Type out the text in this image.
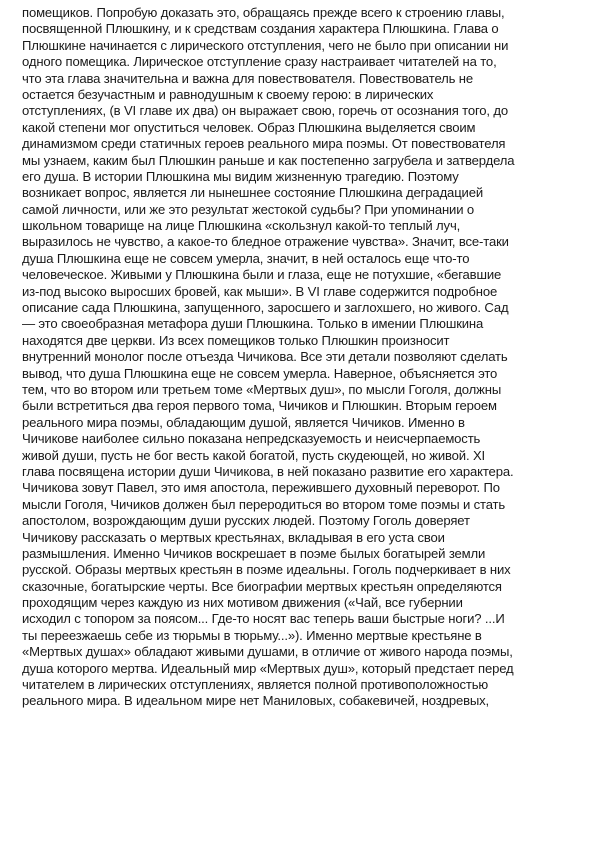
помещиков. Попробую доказать это, обращаясь прежде всего к строению главы,
посвященной Плюшкину, и к средствам создания характера Плюшкина. Глава о
Плюшкине начинается с лирического отступления, чего не было при описании ни
одного помещика. Лирическое отступление сразу настраивает читателей на то,
что эта глава значительна и важна для повествователя. Повествователь не
остается безучастным и равнодушным к своему герою: в лирических
отступлениях, (в VI главе их два) он выражает свою, горечь от осознания того, до
какой степени мог опуститься человек. Образ Плюшкина выделяется своим
динамизмом среди статичных героев реального мира поэмы. От повествователя
мы узнаем, каким был Плюшкин раньше и как постепенно загрубела и затвердела
его душа. В истории Плюшкина мы видим жизненную трагедию. Поэтому
возникает вопрос, является ли нынешнее состояние Плюшкина деградацией
самой личности, или же это результат жестокой судьбы? При упоминании о
школьном товарище на лице Плюшкина «скользнул какой-то теплый луч,
выразилось не чувство, а какое-то бледное отражение чувства». Значит, все-таки
душа Плюшкина еще не совсем умерла, значит, в ней осталось еще что-то
человеческое. Живыми у Плюшкина были и глаза, еще не потухшие, «бегавшие
из-под высоко выросших бровей, как мыши». В VI главе содержится подробное
описание сада Плюшкина, запущенного, заросшего и заглохшего, но живого. Сад
— это своеобразная метафора души Плюшкина. Только в имении Плюшкина
находятся две церкви. Из всех помещиков только Плюшкин произносит
внутренний монолог после отъезда Чичикова. Все эти детали позволяют сделать
вывод, что душа Плюшкина еще не совсем умерла. Наверное, объясняется это
тем, что во втором или третьем томе «Мертвых душ», по мысли Гоголя, должны
были встретиться два героя первого тома, Чичиков и Плюшкин. Вторым героем
реального мира поэмы, обладающим душой, является Чичиков. Именно в
Чичикове наиболее сильно показана непредсказуемость и неисчерпаемость
живой души, пусть не бог весть какой богатой, пусть скудеющей, но живой. XI
глава посвящена истории души Чичикова, в ней показано развитие его характера.
Чичикова зовут Павел, это имя апостола, пережившего духовный переворот. По
мысли Гоголя, Чичиков должен был переродиться во втором томе поэмы и стать
апостолом, возрождающим души русских людей. Поэтому Гоголь доверяет
Чичикову рассказать о мертвых крестьянах, вкладывая в его уста свои
размышления. Именно Чичиков воскрешает в поэме былых богатырей земли
русской. Образы мертвых крестьян в поэме идеальны. Гоголь подчеркивает в них
сказочные, богатырские черты. Все биографии мертвых крестьян определяются
проходящим через каждую из них мотивом движения («Чай, все губернии
исходил с топором за поясом... Где-то носят вас теперь ваши быстрые ноги? ...И
ты переезжаешь себе из тюрьмы в тюрьму...»). Именно мертвые крестьяне в
«Мертвых душах» обладают живыми душами, в отличие от живого народа поэмы,
душа которого мертва. Идеальный мир «Мертвых душ», который предстает перед
читателем в лирических отступлениях, является полной противоположностью
реального мира. В идеальном мире нет Маниловых, собакевичей, ноздревых,
